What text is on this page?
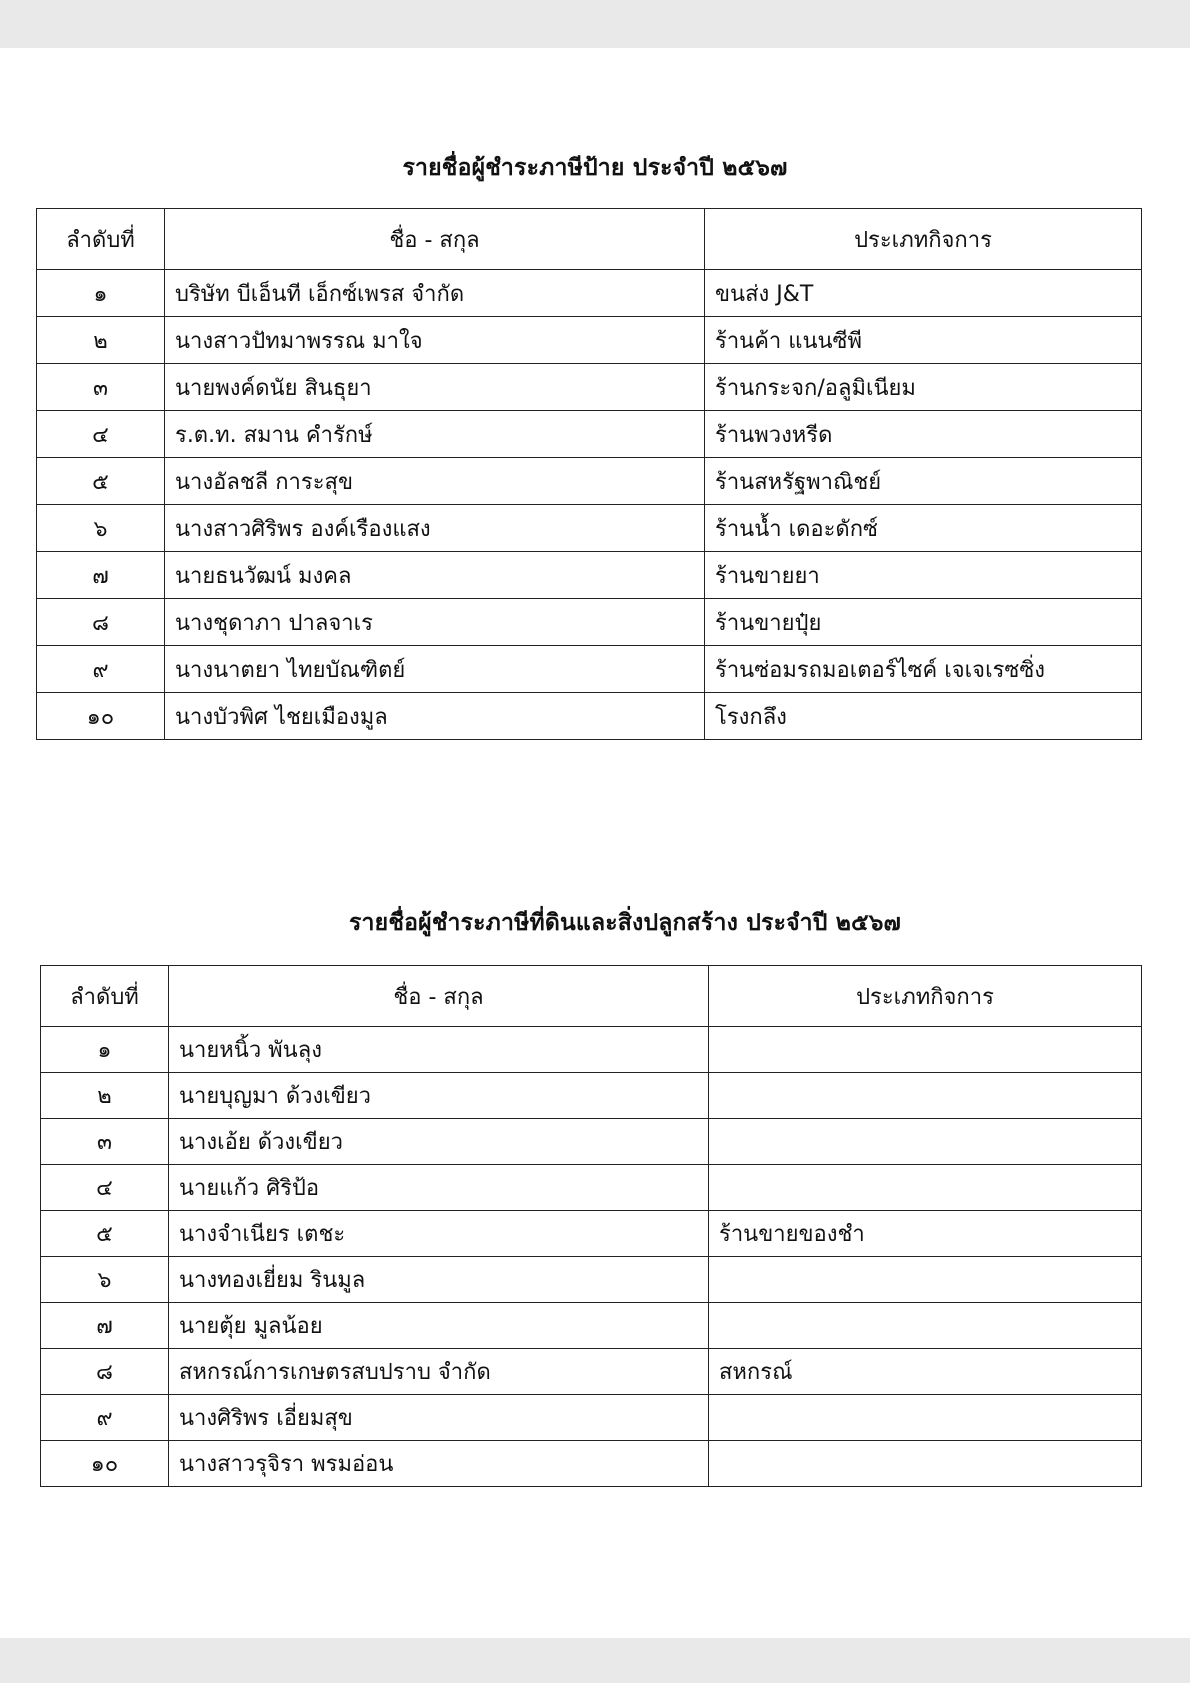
รายชื่อผู้ชำระภาษีป้าย ประจำปี ๒๕๖๗
ลำดับที่	ชื่อ - สกุล	ประเภทกิจการ
๑	บริษัท บีเอ็นที เอ็กซ์เพรส จำกัด	ขนส่ง J&T
๒	นางสาวปัทมาพรรณ มาใจ	ร้านค้า แนนซีพี
๓	นายพงค์ดนัย สินธุยา	ร้านกระจก/อลูมิเนียม
๔	ร.ต.ท. สมาน คำรักษ์	ร้านพวงหรีด
๕	นางอัลชลี การะสุข	ร้านสหรัฐพาณิชย์
๖	นางสาวศิริพร องค์เรืองแสง	ร้านน้ำ เดอะดักซ์
๗	นายธนวัฒน์ มงคล	ร้านขายยา
๘	นางชุดาภา ปาลจาเร	ร้านขายปุ๋ย
๙	นางนาตยา ไทยบัณฑิตย์	ร้านซ่อมรถมอเตอร์ไซค์ เจเจเรซซิ่ง
๑๐	นางบัวพิศ ไชยเมืองมูล	โรงกลึง
รายชื่อผู้ชำระภาษีที่ดินและสิ่งปลูกสร้าง ประจำปี ๒๕๖๗
ลำดับที่	ชื่อ - สกุล	ประเภทกิจการ
๑	นายหนิ้ว พันลุง	
๒	นายบุญมา ด้วงเขียว	
๓	นางเอ้ย ด้วงเขียว	
๔	นายแก้ว ศิริป้อ	
๕	นางจำเนียร เตชะ	ร้านขายของชำ
๖	นางทองเยี่ยม รินมูล	
๗	นายตุ้ย มูลน้อย	
๘	สหกรณ์การเกษตรสบปราบ จำกัด	สหกรณ์
๙	นางศิริพร เอี่ยมสุข	
๑๐	นางสาวรุจิรา พรมอ่อน	
